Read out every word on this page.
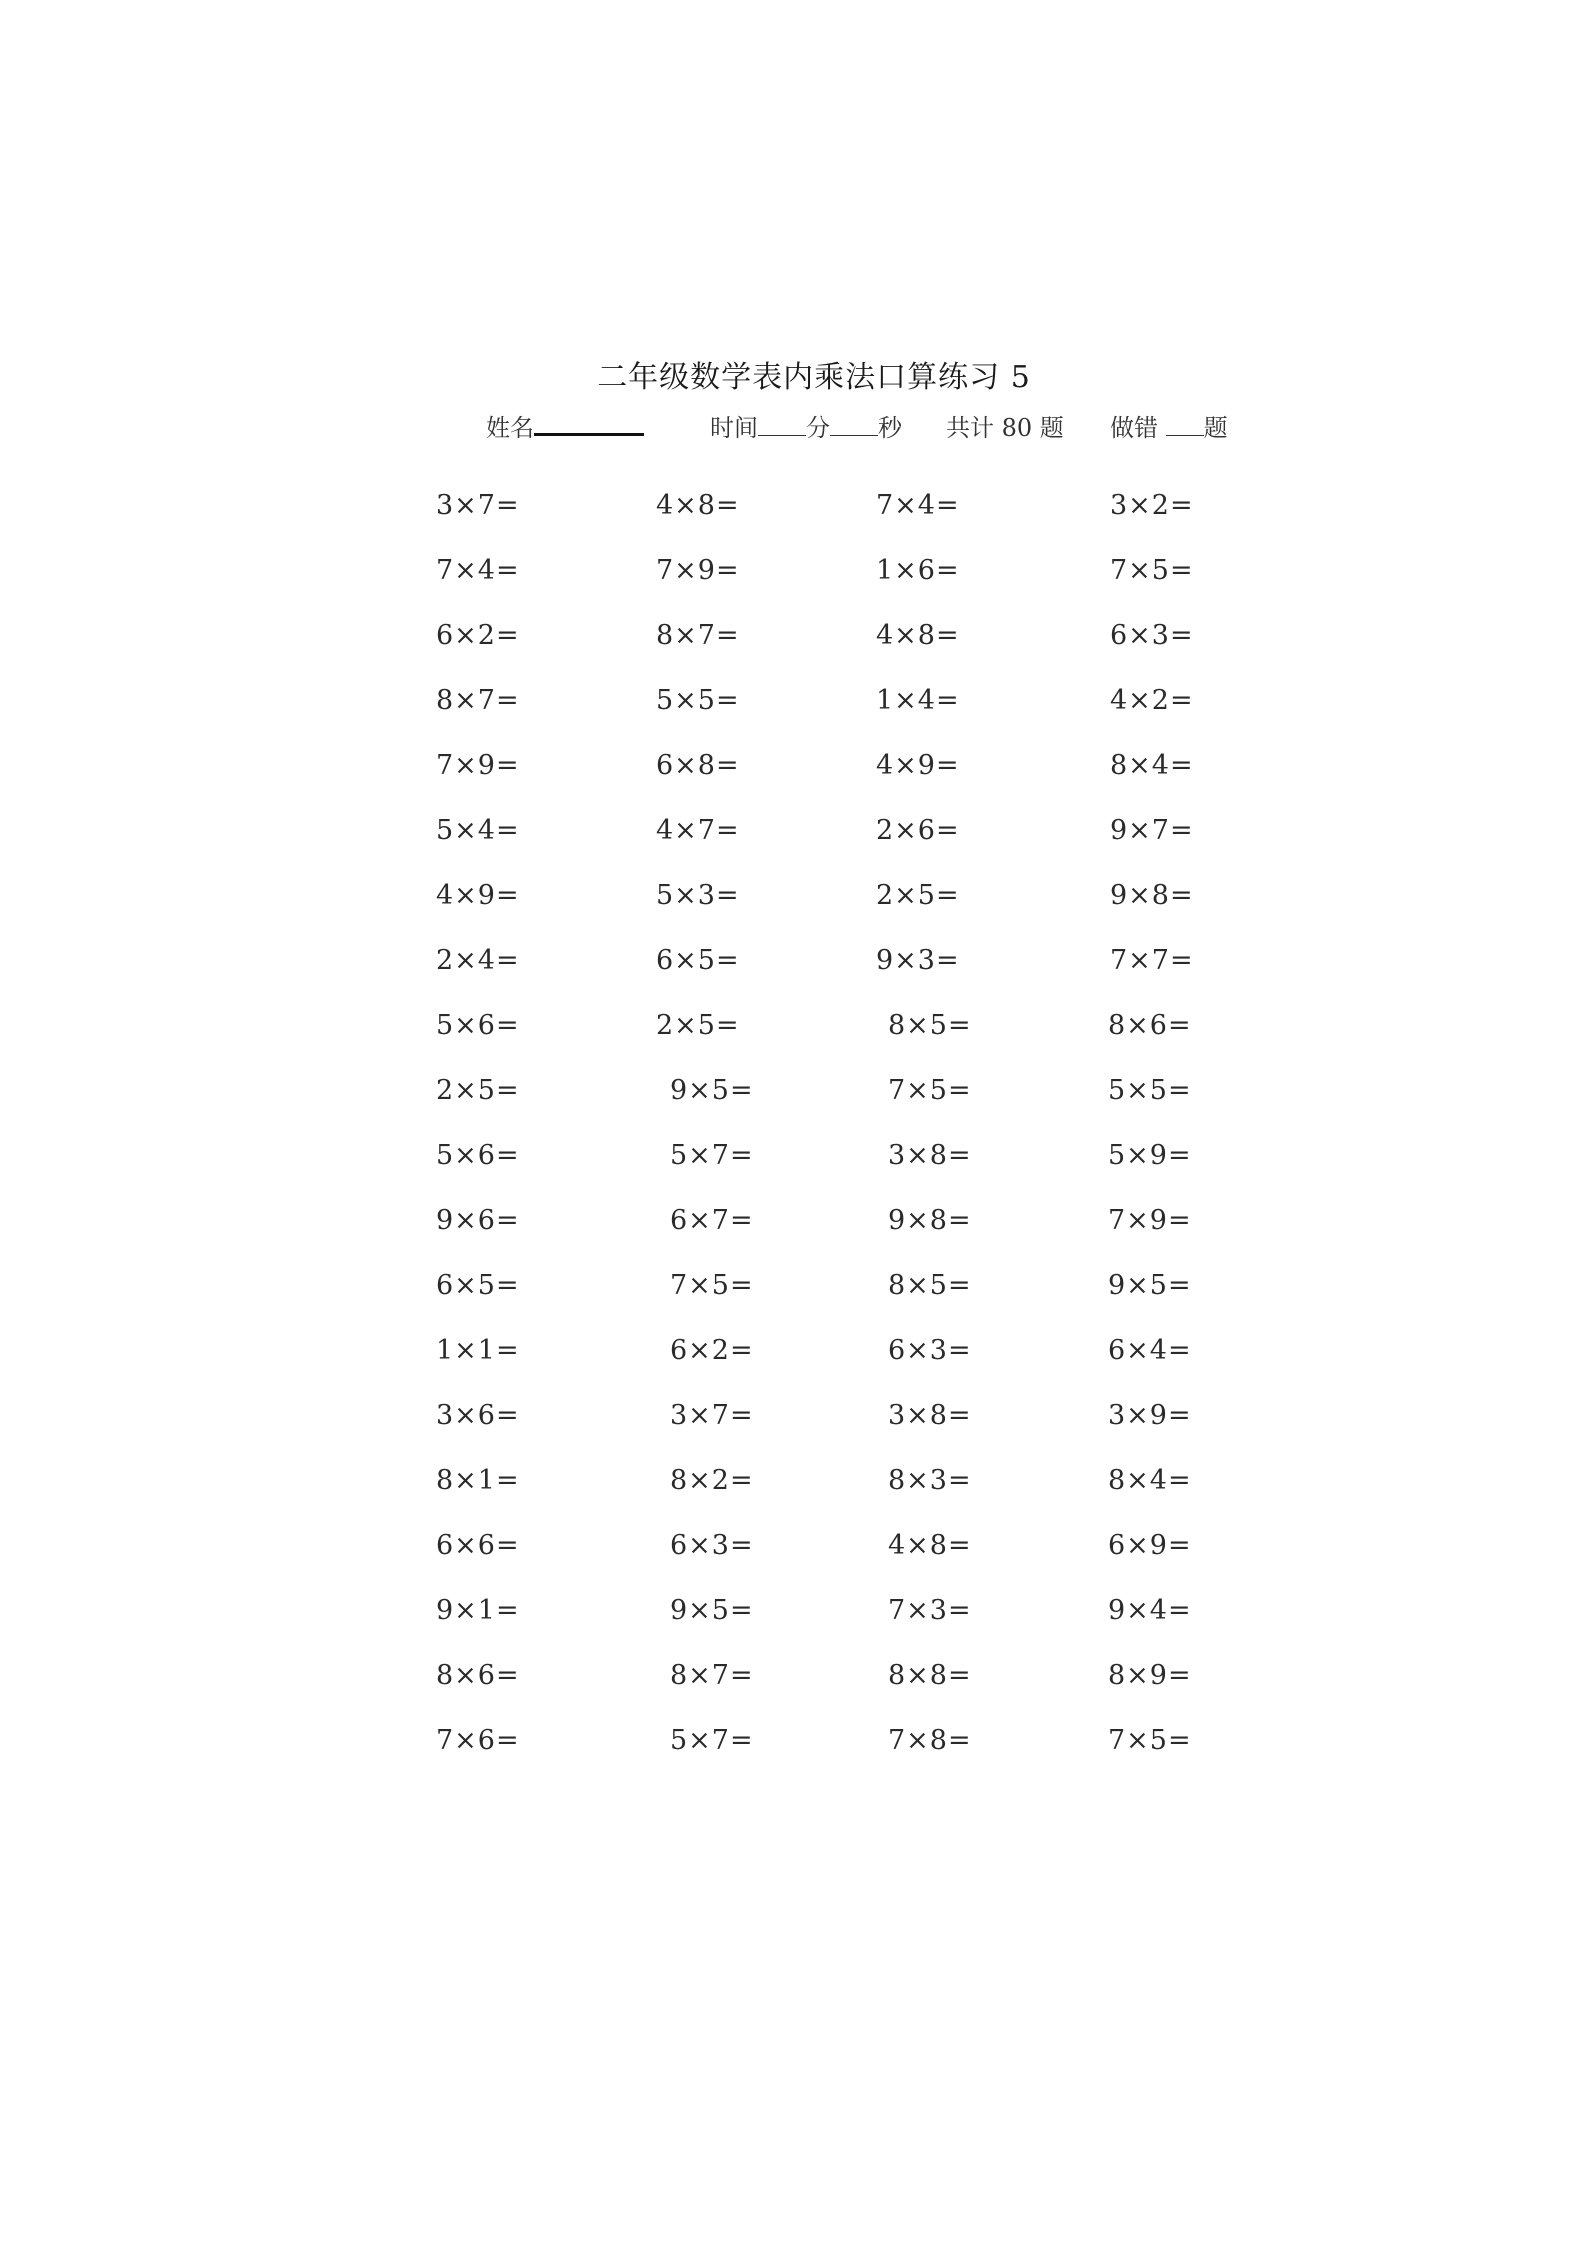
二年级数学表内乘法口算练习 5
姓名	时间 分 秒 共计 80 题 做错 题
3×7=	4×8=	7×4=	3×2=
7×4=	7×9=	1×6=	7×5=
6×2=	8×7=	4×8=	6×3=
8×7=	5×5=	1×4=	4×2=
7×9=	6×8=	4×9=	8×4=
5×4=	4×7=	2×6=	9×7=
4×9=	5×3=	2×5=	9×8=
2×4=	6×5=	9×3=	7×7=
5×6=	2×5=	8×5=	8×6=
2×5=	9×5=	7×5=	5×5=
5×6=	5×7=	3×8=	5×9=
9×6=	6×7=	9×8=	7×9=
6×5=	7×5=	8×5=	9×5=
1×1=	6×2=	6×3=	6×4=
3×6=	3×7=	3×8=	3×9=
8×1=	8×2=	8×3=	8×4=
6×6=	6×3=	4×8=	6×9=
9×1=	9×5=	7×3=	9×4=
8×6=	8×7=	8×8=	8×9=
7×6=	5×7=	7×8=	7×5=
